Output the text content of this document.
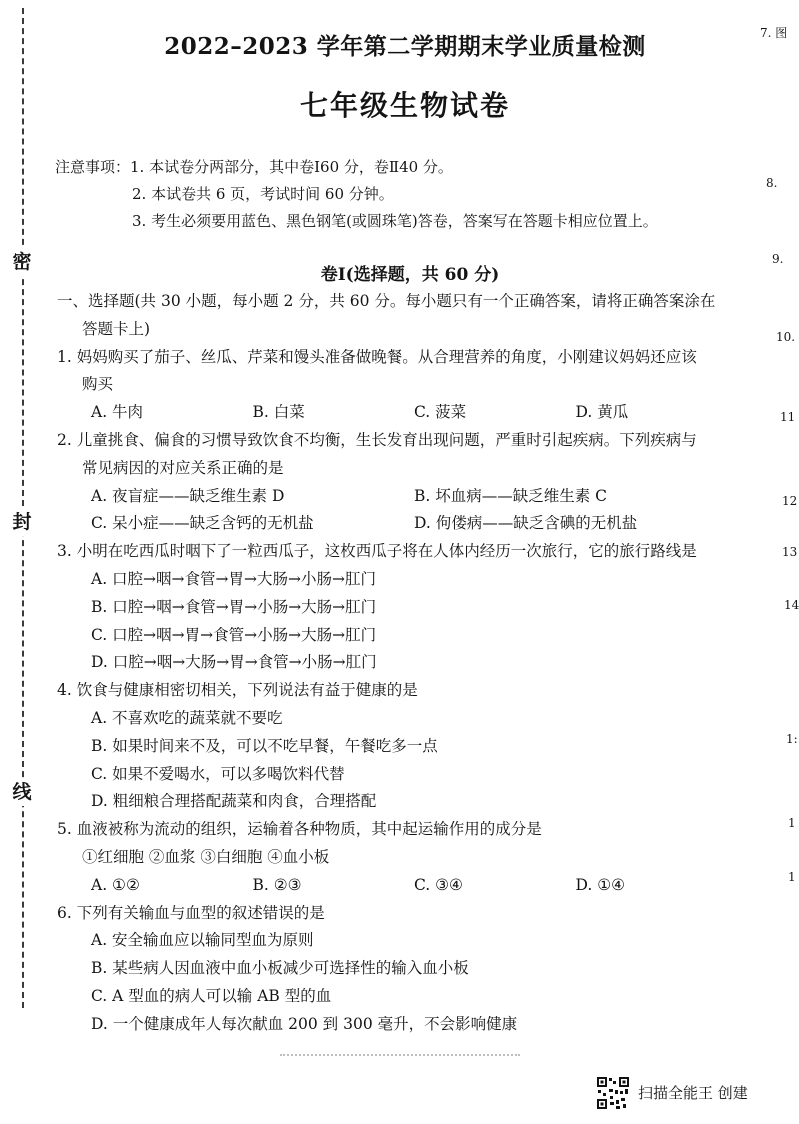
密
封
线
2022–2023 学年第二学期期末学业质量检测
七年级生物试卷
注意事项：1. 本试卷分两部分，其中卷Ⅰ60 分，卷Ⅱ40 分。
2. 本试卷共 6 页，考试时间 60 分钟。
3. 考生必须要用蓝色、黑色钢笔(或圆珠笔)答卷，答案写在答题卡相应位置上。
卷Ⅰ(选择题，共 60 分)
一、选择题(共 30 小题，每小题 2 分，共 60 分。每小题只有一个正确答案，请将正确答案涂在
答题卡上)
1. 妈妈购买了茄子、丝瓜、芹菜和馒头准备做晚餐。从合理营养的角度，小刚建议妈妈还应该
购买
A. 牛肉	B. 白菜	C. 菠菜	D. 黄瓜
2. 儿童挑食、偏食的习惯导致饮食不均衡，生长发育出现问题，严重时引起疾病。下列疾病与
常见病因的对应关系正确的是
A. 夜盲症——缺乏维生素 D	B. 坏血病——缺乏维生素 C
C. 呆小症——缺乏含钙的无机盐	D. 佝偻病——缺乏含碘的无机盐
3. 小明在吃西瓜时咽下了一粒西瓜子，这枚西瓜子将在人体内经历一次旅行，它的旅行路线是
A. 口腔→咽→食管→胃→大肠→小肠→肛门
B. 口腔→咽→食管→胃→小肠→大肠→肛门
C. 口腔→咽→胃→食管→小肠→大肠→肛门
D. 口腔→咽→大肠→胃→食管→小肠→肛门
4. 饮食与健康相密切相关，下列说法有益于健康的是
A. 不喜欢吃的蔬菜就不要吃
B. 如果时间来不及，可以不吃早餐，午餐吃多一点
C. 如果不爱喝水，可以多喝饮料代替
D. 粗细粮合理搭配蔬菜和肉食，合理搭配
5. 血液被称为流动的组织，运输着各种物质，其中起运输作用的成分是
①红细胞 ②血浆 ③白细胞 ④血小板
A. ①②	B. ②③	C. ③④	D. ①④
6. 下列有关输血与血型的叙述错误的是
A. 安全输血应以输同型血为原则
B. 某些病人因血液中血小板减少可选择性的输入血小板
C. A 型血的病人可以输 AB 型的血
D. 一个健康成年人每次献血 200 到 300 毫升，不会影响健康
7. 图
8.
9.
10.
11
12
13
14
1:
1
1
扫描全能王 创建
